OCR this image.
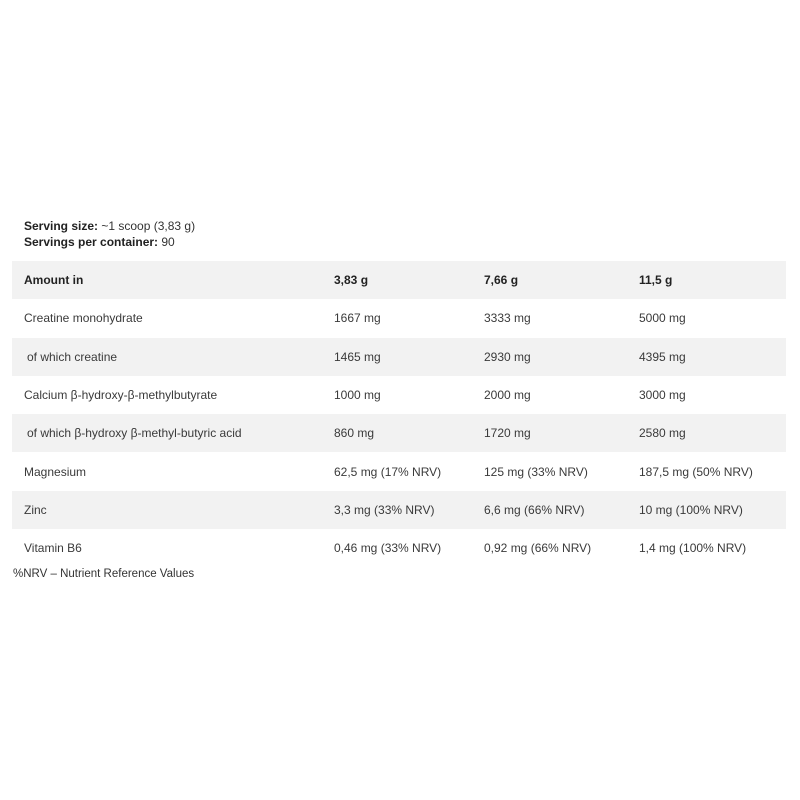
Serving size: ~1 scoop (3,83 g)
Servings per container: 90
Amount in	3,83 g	7,66 g	11,5 g
Creatine monohydrate	1667 mg	3333 mg	5000 mg
of which creatine	1465 mg	2930 mg	4395 mg
Calcium β-hydroxy-β-methylbutyrate	1000 mg	2000 mg	3000 mg
of which β-hydroxy β-methyl-butyric acid	860 mg	1720 mg	2580 mg
Magnesium	62,5 mg (17% NRV)	125 mg (33% NRV)	187,5 mg (50% NRV)
Zinc	3,3 mg (33% NRV)	6,6 mg (66% NRV)	10 mg (100% NRV)
Vitamin B6	0,46 mg (33% NRV)	0,92 mg (66% NRV)	1,4 mg (100% NRV)
%NRV – Nutrient Reference Values
